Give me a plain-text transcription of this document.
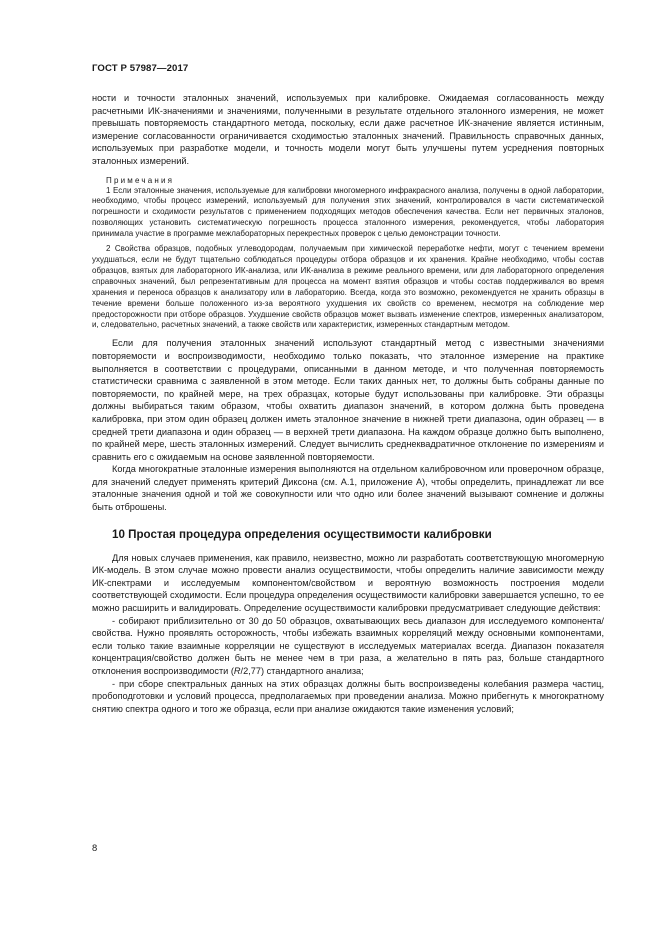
ГОСТ Р 57987—2017

ности и точности эталонных значений, используемых при калибровке. Ожидаемая согласованность между расчетными ИК-значениями и значениями, полученными в результате отдельного эталонного измерения, не может превышать повторяемость стандартного метода, поскольку, если даже расчетное ИК-значение является истинным, измерение согласованности ограничивается сходимостью эталонных значений. Правильность справочных данных, используемых при разработке модели, и точность модели могут быть улучшены путем усреднения повторных эталонных измерений.

Примечания

1 Если эталонные значения, используемые для калибровки многомерного инфракрасного анализа, получены в одной лаборатории, необходимо, чтобы процесс измерений, используемый для получения этих значений, контролировался в части систематической погрешности и сходимости результатов с применением подходящих методов обеспечения качества. Если нет первичных эталонов, позволяющих установить систематическую погрешность процесса эталонного измерения, рекомендуется, чтобы лаборатория принимала участие в программе межлабораторных перекрестных проверок с целью демонстрации точности.

2 Свойства образцов, подобных углеводородам, получаемым при химической переработке нефти, могут с течением времени ухудшаться, если не будут тщательно соблюдаться процедуры отбора образцов и их хранения. Крайне необходимо, чтобы состав образцов, взятых для лабораторного ИК-анализа, или ИК-анализа в режиме реального времени, или для лабораторного определения справочных значений, был репрезентативным для процесса на момент взятия образцов и чтобы состав поддерживался во время хранения и переноса образцов к анализатору или в лабораторию. Всегда, когда это возможно, рекомендуется не хранить образцы в течение времени больше положенного из-за вероятного ухудшения их свойств со временем, несмотря на соблюдение мер предосторожности при отборе образцов. Ухудшение свойств образцов может вызвать изменение спектров, измеренных анализатором, и, следовательно, расчетных значений, а также свойств или характеристик, измеренных стандартным методом.

Если для получения эталонных значений используют стандартный метод с известными значениями повторяемости и воспроизводимости, необходимо только показать, что эталонное измерение на практике выполняется в соответствии с процедурами, описанными в данном методе, и что полученная повторяемость статистически сравнима с заявленной в этом методе. Если таких данных нет, то должны быть собраны данные по повторяемости, по крайней мере, на трех образцах, которые будут использованы при калибровке. Эти образцы должны выбираться таким образом, чтобы охватить диапазон значений, в котором должна быть проведена калибровка, при этом один образец должен иметь эталонное значение в нижней трети диапазона, один образец — в средней трети диапазона и один образец — в верхней трети диапазона. На каждом образце должно быть выполнено, по крайней мере, шесть эталонных измерений. Следует вычислить среднеквадратичное отклонение по измерениям и сравнить его с ожидаемым на основе заявленной повторяемости.

Когда многократные эталонные измерения выполняются на отдельном калибровочном или проверочном образце, для значений следует применять критерий Диксона (см. А.1, приложение А), чтобы определить, принадлежат ли все эталонные значения одной и той же совокупности или что одно или более значений вызывают сомнение и должны быть отброшены.

10 Простая процедура определения осуществимости калибровки

Для новых случаев применения, как правило, неизвестно, можно ли разработать соответствующую многомерную ИК-модель. В этом случае можно провести анализ осуществимости, чтобы определить наличие зависимости между ИК-спектрами и исследуемым компонентом/свойством и вероятную возможность построения модели соответствующей сходимости. Если процедура определения осуществимости калибровки завершается успешно, то ее можно расширить и валидировать. Определение осуществимости калибровки предусматривает следующие действия:

- собирают приблизительно от 30 до 50 образцов, охватывающих весь диапазон для исследуемого компонента/свойства. Нужно проявлять осторожность, чтобы избежать взаимных корреляций между основными компонентами, если только такие взаимные корреляции не существуют в исследуемых материалах всегда. Диапазон показателя концентрация/свойство должен быть не менее чем в три раза, а желательно в пять раз, больше стандартного отклонения воспроизводимости (R/2,77) стандартного анализа;

- при сборе спектральных данных на этих образцах должны быть воспроизведены колебания размера частиц, пробоподготовки и условий процесса, предполагаемых при проведении анализа. Можно прибегнуть к многократному снятию спектра одного и того же образца, если при анализе ожидаются такие изменения условий;

8
